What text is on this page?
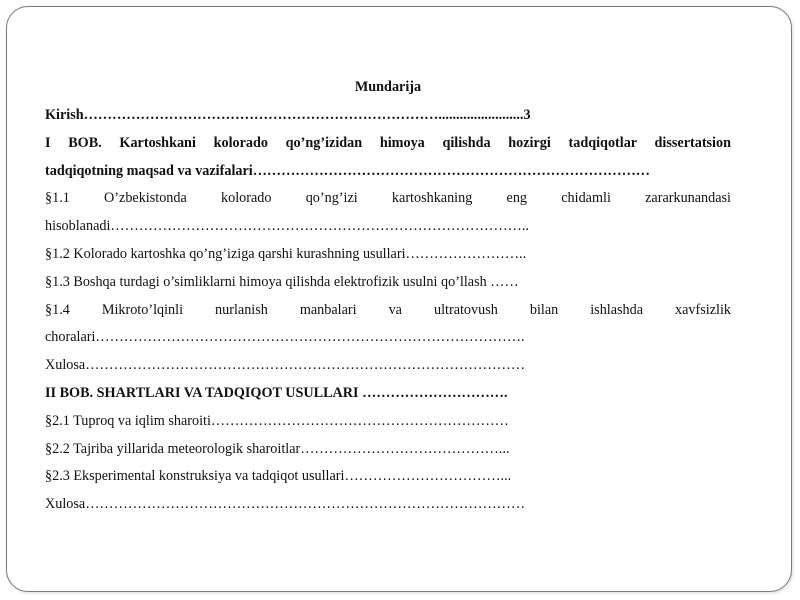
Mundarija
Kirish…………………………………………………………………........................3
I BOB. Kartoshkani kolorado qo’ng’izidan himoya qilishda hozirgi tadqiqotlar dissertatsion
tadqiqotning maqsad va vazifalari…………………………………………………………………………
§1.1 O’zbekistonda kolorado qo’ng’izi kartoshkaning eng chidamli zararkunandasi
hisoblanadi……………………………………………………………………………..
§1.2 Kolorado kartoshka qo’ng’iziga qarshi kurashning usullari……………………..
§1.3 Boshqa turdagi o’simliklarni himoya qilishda elektrofizik usulni qo’llash ……
§1.4 Mikroto’lqinli nurlanish manbalari va ultratovush bilan ishlashda xavfsizlik
choralari……………………………………………………………………………….
Xulosa…………………………………………………………………………………
II BOB. SHARTLARI VA TADQIQOT USULLARI ………………………….
§2.1 Tuproq va iqlim sharoiti………………………………………………………
§2.2 Tajriba yillarida meteorologik sharoitlar……………………………………...
§2.3 Eksperimental konstruksiya va tadqiqot usullari……………………………...
Xulosa…………………………………………………………………………………
